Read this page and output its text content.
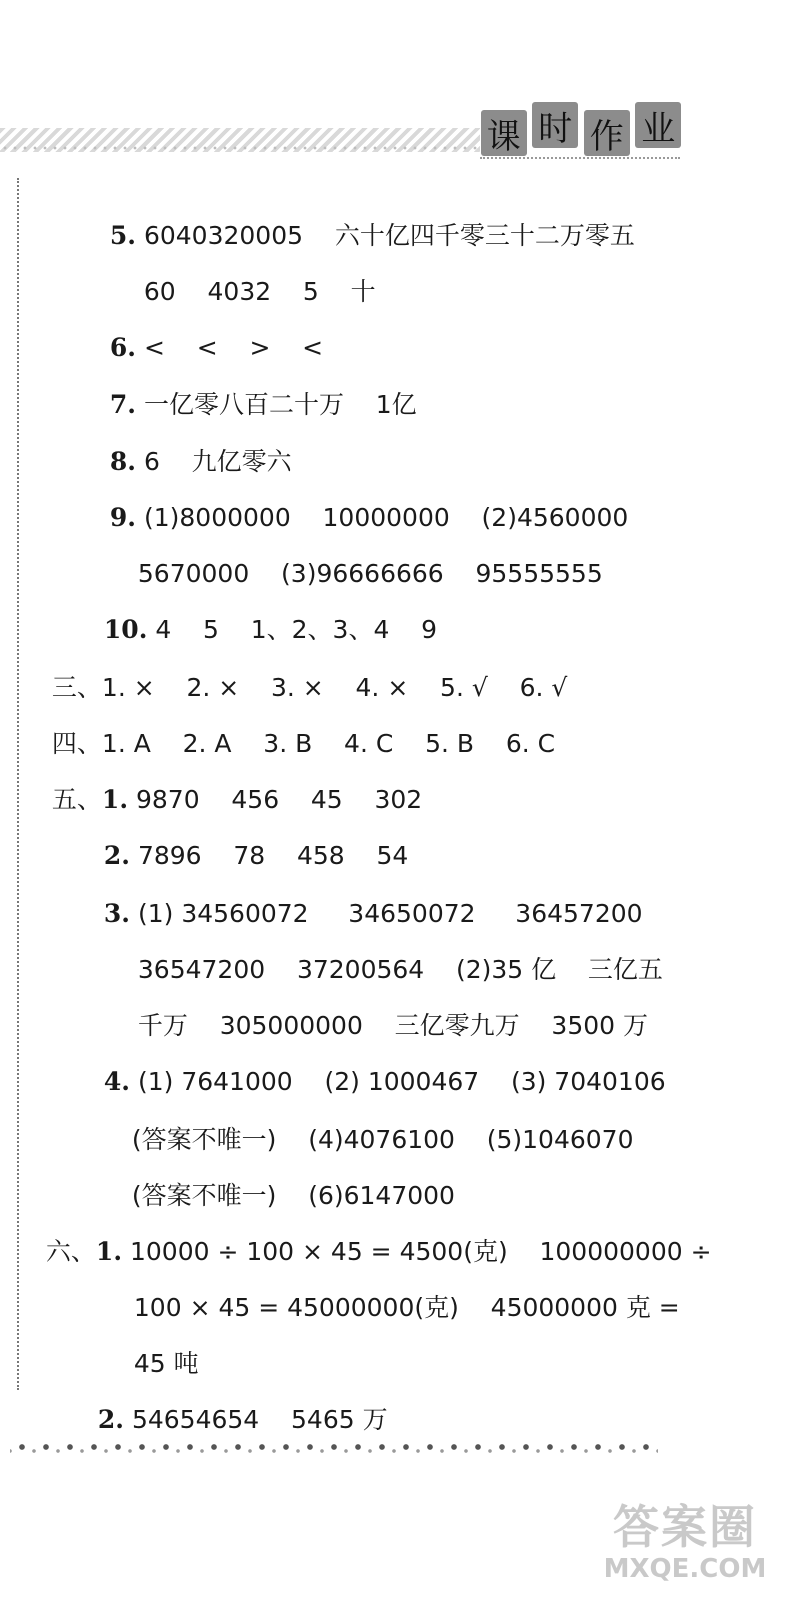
课 时 作 业

5. 6040320005    六十亿四千零三十二万零五

60    4032    5    十

6. <    <    >    <

7. 一亿零八百二十万    1亿

8. 6    九亿零六

9. (1)8000000    10000000    (2)4560000

5670000    (3)96666666    95555555

10. 4    5    1、2、3、4    9

三、1. ×    2. ×    3. ×    4. ×    5. √    6. √

四、1. A    2. A    3. B    4. C    5. B    6. C

五、1. 9870    456    45    302

2. 7896    78    458    54

3. (1) 34560072     34650072     36457200

36547200    37200564    (2)35 亿    三亿五

千万    305000000    三亿零九万    3500 万

4. (1) 7641000    (2) 1000467    (3) 7040106

(答案不唯一)    (4)4076100    (5)1046070

(答案不唯一)    (6)6147000

六、1. 10000 ÷ 100 × 45 = 4500(克)    100000000 ÷

100 × 45 = 45000000(克)    45000000 克 =

45 吨

2. 54654654    5465 万

答案圈
MXQE.COM
